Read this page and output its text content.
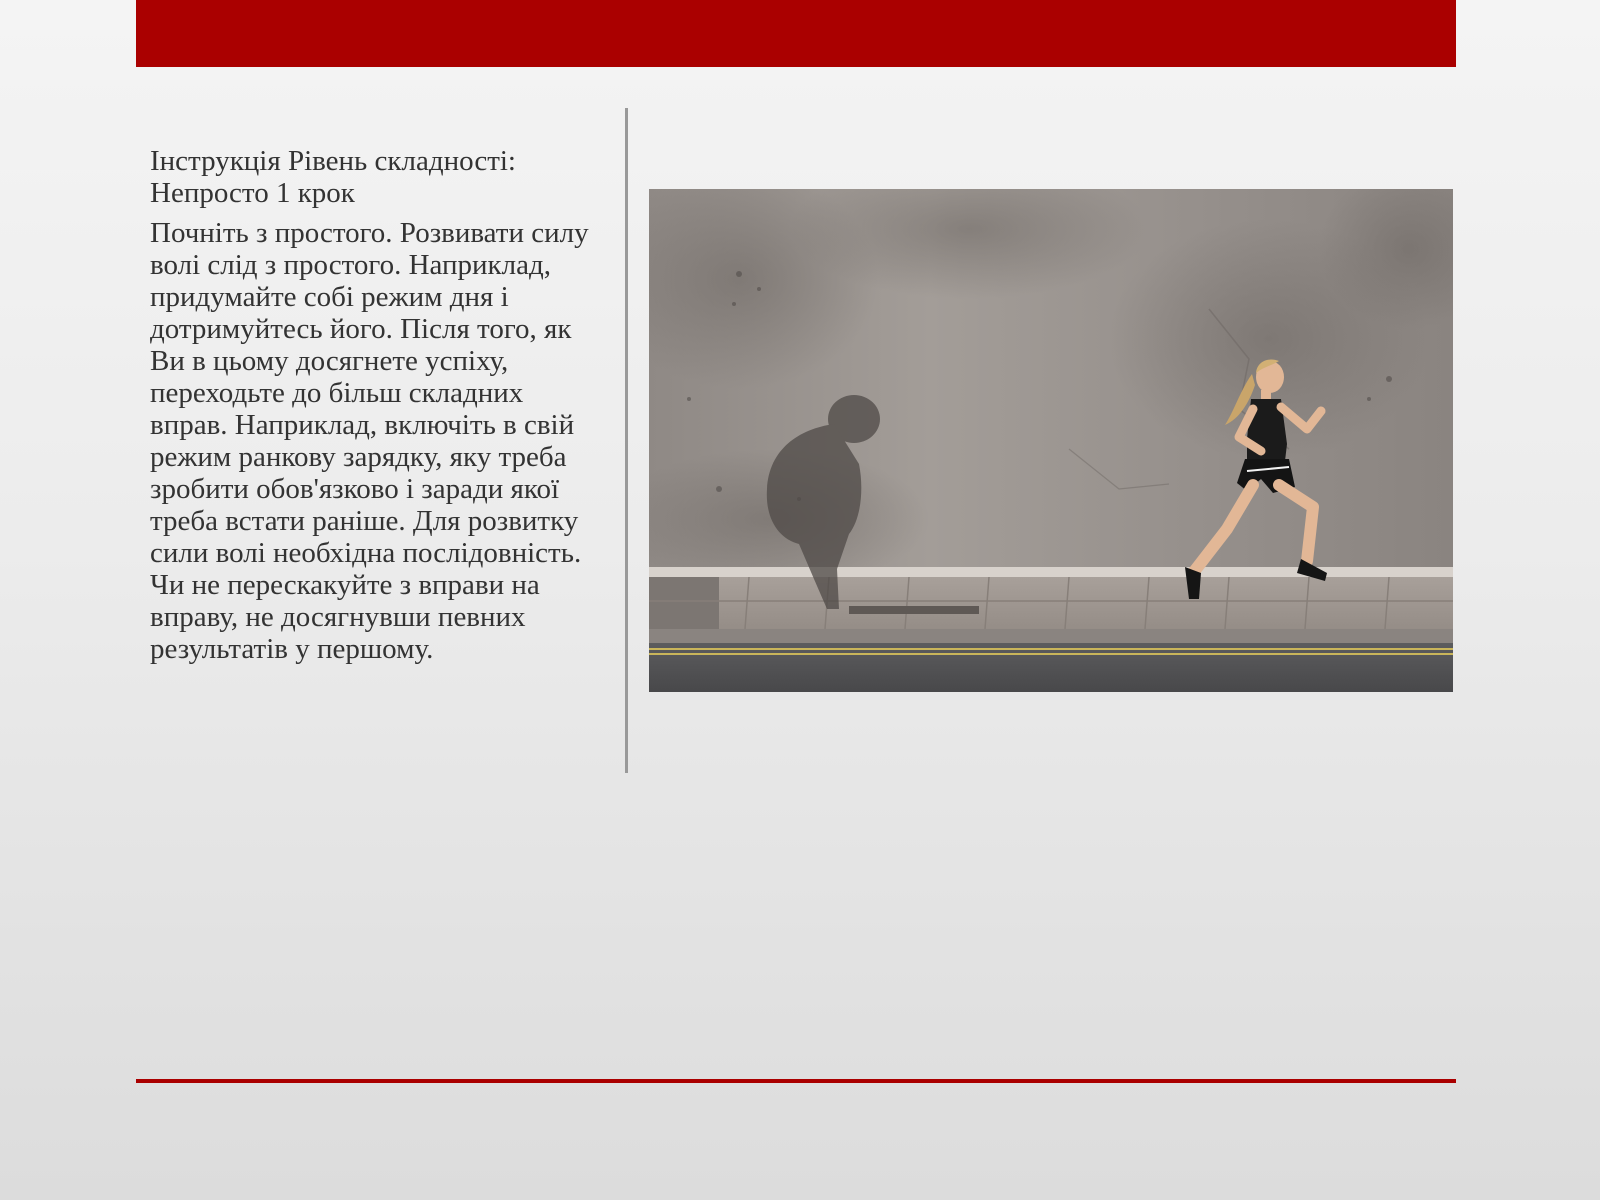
Інструкція Рівень складності: Непросто 1 крок

Почніть з простого. Розвивати силу волі слід з простого. Наприклад, придумайте собі режим дня і дотримуйтесь його. Після того, як Ви в цьому досягнете успіху, переходьте до більш складних вправ. Наприклад, включіть в свій режим ранкову зарядку, яку треба зробити обов'язково і заради якої треба встати раніше. Для розвитку сили волі необхідна послідовність. Чи не перескакуйте з вправи на вправу, не досягнувши певних результатів у першому.
